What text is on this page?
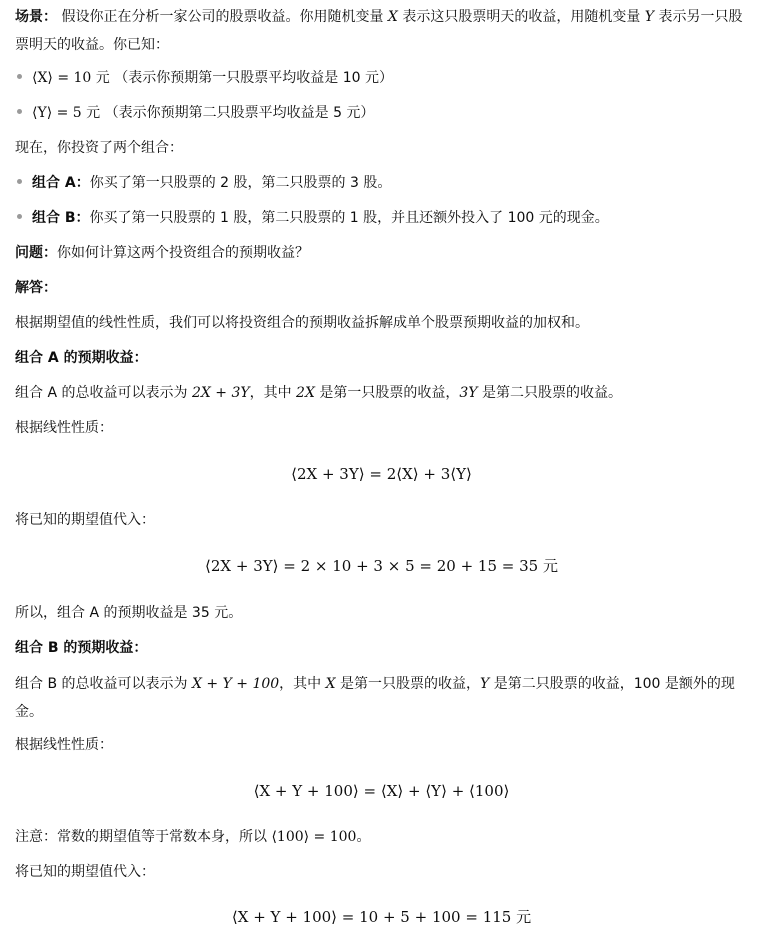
场景： 假设你正在分析一家公司的股票收益。你用随机变量 X 表示这只股票明天的收益，用随机变量 Y 表示另一只股票明天的收益。你已知：
⟨X⟩ = 10 元 （表示你预期第一只股票平均收益是 10 元）
⟨Y⟩ = 5 元 （表示你预期第二只股票平均收益是 5 元）
现在，你投资了两个组合：
组合 A：你买了第一只股票的 2 股，第二只股票的 3 股。
组合 B：你买了第一只股票的 1 股，第二只股票的 1 股，并且还额外投入了 100 元的现金。
问题：你如何计算这两个投资组合的预期收益？
解答：
根据期望值的线性性质，我们可以将投资组合的预期收益拆解成单个股票预期收益的加权和。
组合 A 的预期收益：
组合 A 的总收益可以表示为 2X + 3Y，其中 2X 是第一只股票的收益，3Y 是第二只股票的收益。
根据线性性质：
⟨2X + 3Y⟩ = 2⟨X⟩ + 3⟨Y⟩
将已知的期望值代入：
⟨2X + 3Y⟩ = 2 × 10 + 3 × 5 = 20 + 15 = 35 元
所以，组合 A 的预期收益是 35 元。
组合 B 的预期收益：
组合 B 的总收益可以表示为 X + Y + 100，其中 X 是第一只股票的收益，Y 是第二只股票的收益，100 是额外的现金。
根据线性性质：
⟨X + Y + 100⟩ = ⟨X⟩ + ⟨Y⟩ + ⟨100⟩
注意：常数的期望值等于常数本身，所以 ⟨100⟩ = 100。
将已知的期望值代入：
⟨X + Y + 100⟩ = 10 + 5 + 100 = 115 元
